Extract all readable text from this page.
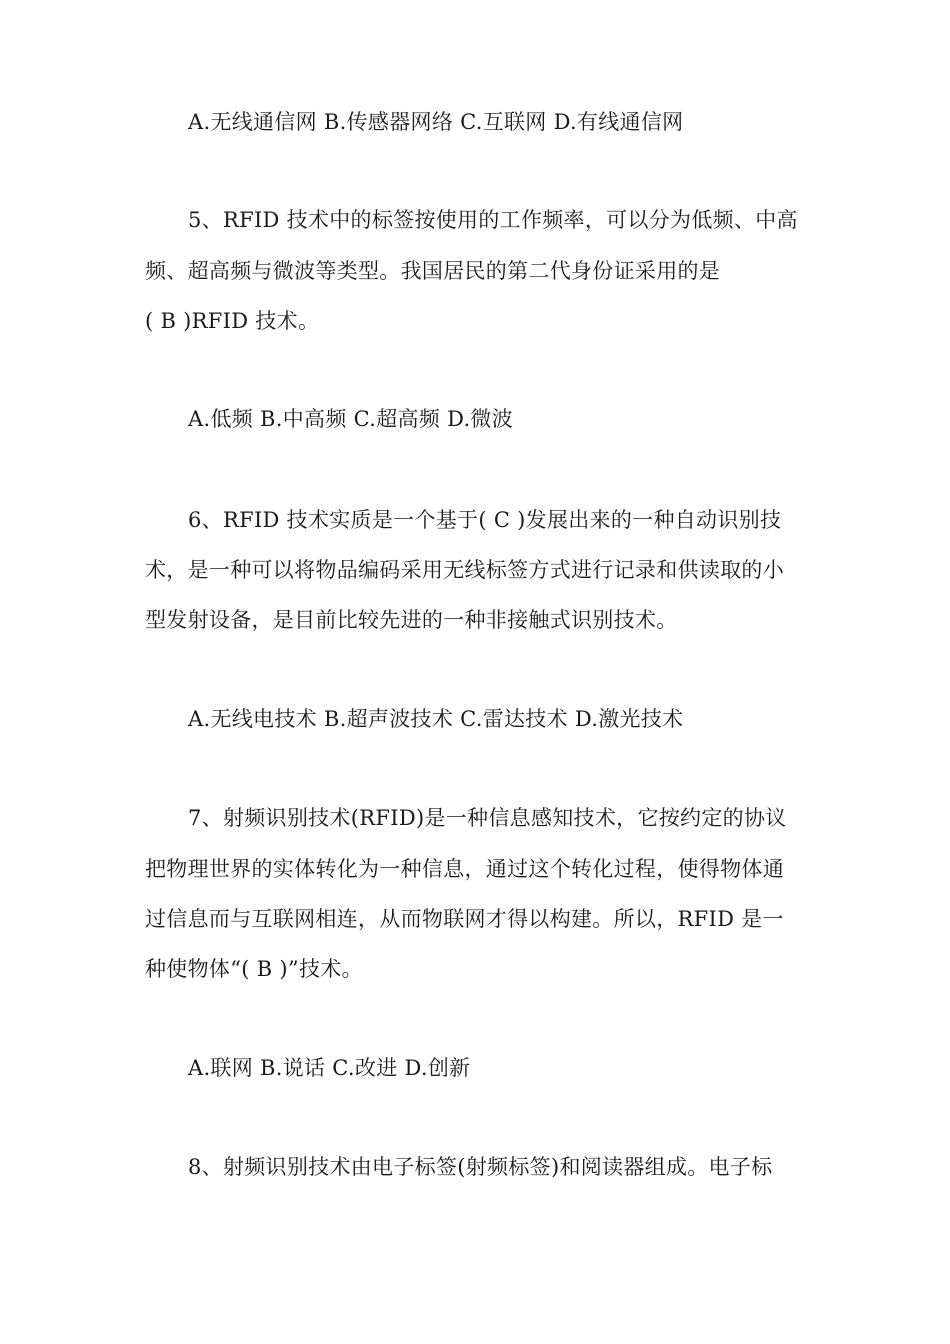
A.无线通信网 B.传感器网络 C.互联网 D.有线通信网
5、RFID 技术中的标签按使用的工作频率，可以分为低频、中高
频、超高频与微波等类型。我国居民的第二代身份证采用的是
( B )RFID 技术。
A.低频 B.中高频 C.超高频 D.微波
6、RFID 技术实质是一个基于( C )发展出来的一种自动识别技
术，是一种可以将物品编码采用无线标签方式进行记录和供读取的小
型发射设备，是目前比较先进的一种非接触式识别技术。
A.无线电技术 B.超声波技术 C.雷达技术 D.激光技术
7、射频识别技术(RFID)是一种信息感知技术，它按约定的协议
把物理世界的实体转化为一种信息，通过这个转化过程，使得物体通
过信息而与互联网相连，从而物联网才得以构建。所以，RFID 是一
种使物体“( B )”技术。
A.联网 B.说话 C.改进 D.创新
8、射频识别技术由电子标签(射频标签)和阅读器组成。电子标
